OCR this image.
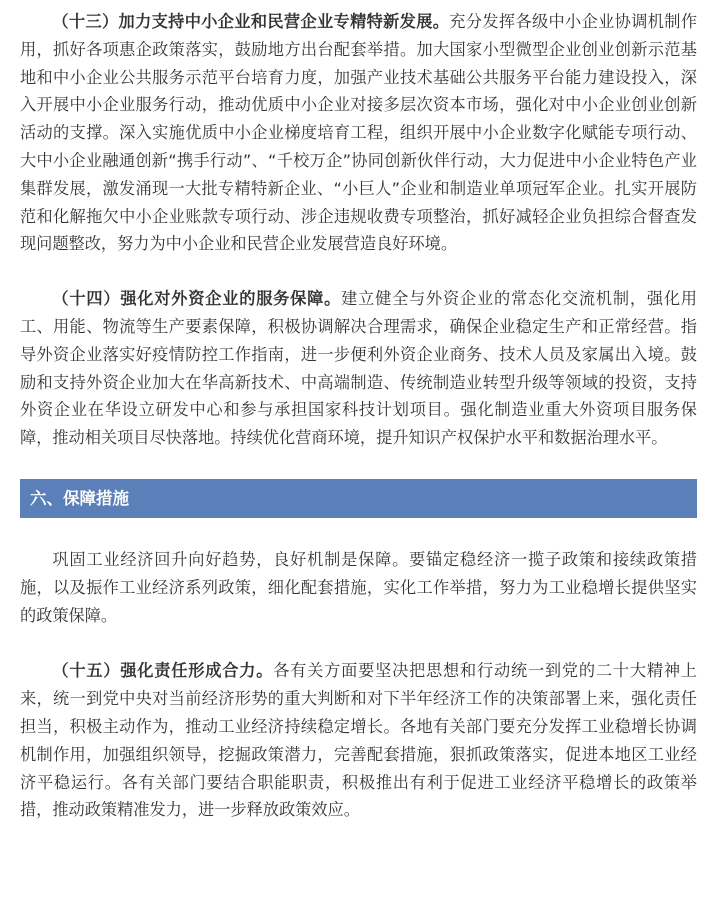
（十三）加力支持中小企业和民营企业专精特新发展。充分发挥各级中小企业协调机制作用，抓好各项惠企政策落实，鼓励地方出台配套举措。加大国家小型微型企业创业创新示范基地和中小企业公共服务示范平台培育力度，加强产业技术基础公共服务平台能力建设投入，深入开展中小企业服务行动，推动优质中小企业对接多层次资本市场，强化对中小企业创业创新活动的支撑。深入实施优质中小企业梯度培育工程，组织开展中小企业数字化赋能专项行动、大中小企业融通创新“携手行动”、“千校万企”协同创新伙伴行动，大力促进中小企业特色产业集群发展，激发涌现一大批专精特新企业、“小巨人”企业和制造业单项冠军企业。扎实开展防范和化解拖欠中小企业账款专项行动、涉企违规收费专项整治，抓好减轻企业负担综合督查发现问题整改，努力为中小企业和民营企业发展营造良好环境。

（十四）强化对外资企业的服务保障。建立健全与外资企业的常态化交流机制，强化用工、用能、物流等生产要素保障，积极协调解决合理需求，确保企业稳定生产和正常经营。指导外资企业落实好疫情防控工作指南，进一步便利外资企业商务、技术人员及家属出入境。鼓励和支持外资企业加大在华高新技术、中高端制造、传统制造业转型升级等领域的投资，支持外资企业在华设立研发中心和参与承担国家科技计划项目。强化制造业重大外资项目服务保障，推动相关项目尽快落地。持续优化营商环境，提升知识产权保护水平和数据治理水平。

六、保障措施

巩固工业经济回升向好趋势，良好机制是保障。要锚定稳经济一揽子政策和接续政策措施，以及振作工业经济系列政策，细化配套措施，实化工作举措，努力为工业稳增长提供坚实的政策保障。

（十五）强化责任形成合力。各有关方面要坚决把思想和行动统一到党的二十大精神上来，统一到党中央对当前经济形势的重大判断和对下半年经济工作的决策部署上来，强化责任担当，积极主动作为，推动工业经济持续稳定增长。各地有关部门要充分发挥工业稳增长协调机制作用，加强组织领导，挖掘政策潜力，完善配套措施，狠抓政策落实，促进本地区工业经济平稳运行。各有关部门要结合职能职责，积极推出有利于促进工业经济平稳增长的政策举措，推动政策精准发力，进一步释放政策效应。
